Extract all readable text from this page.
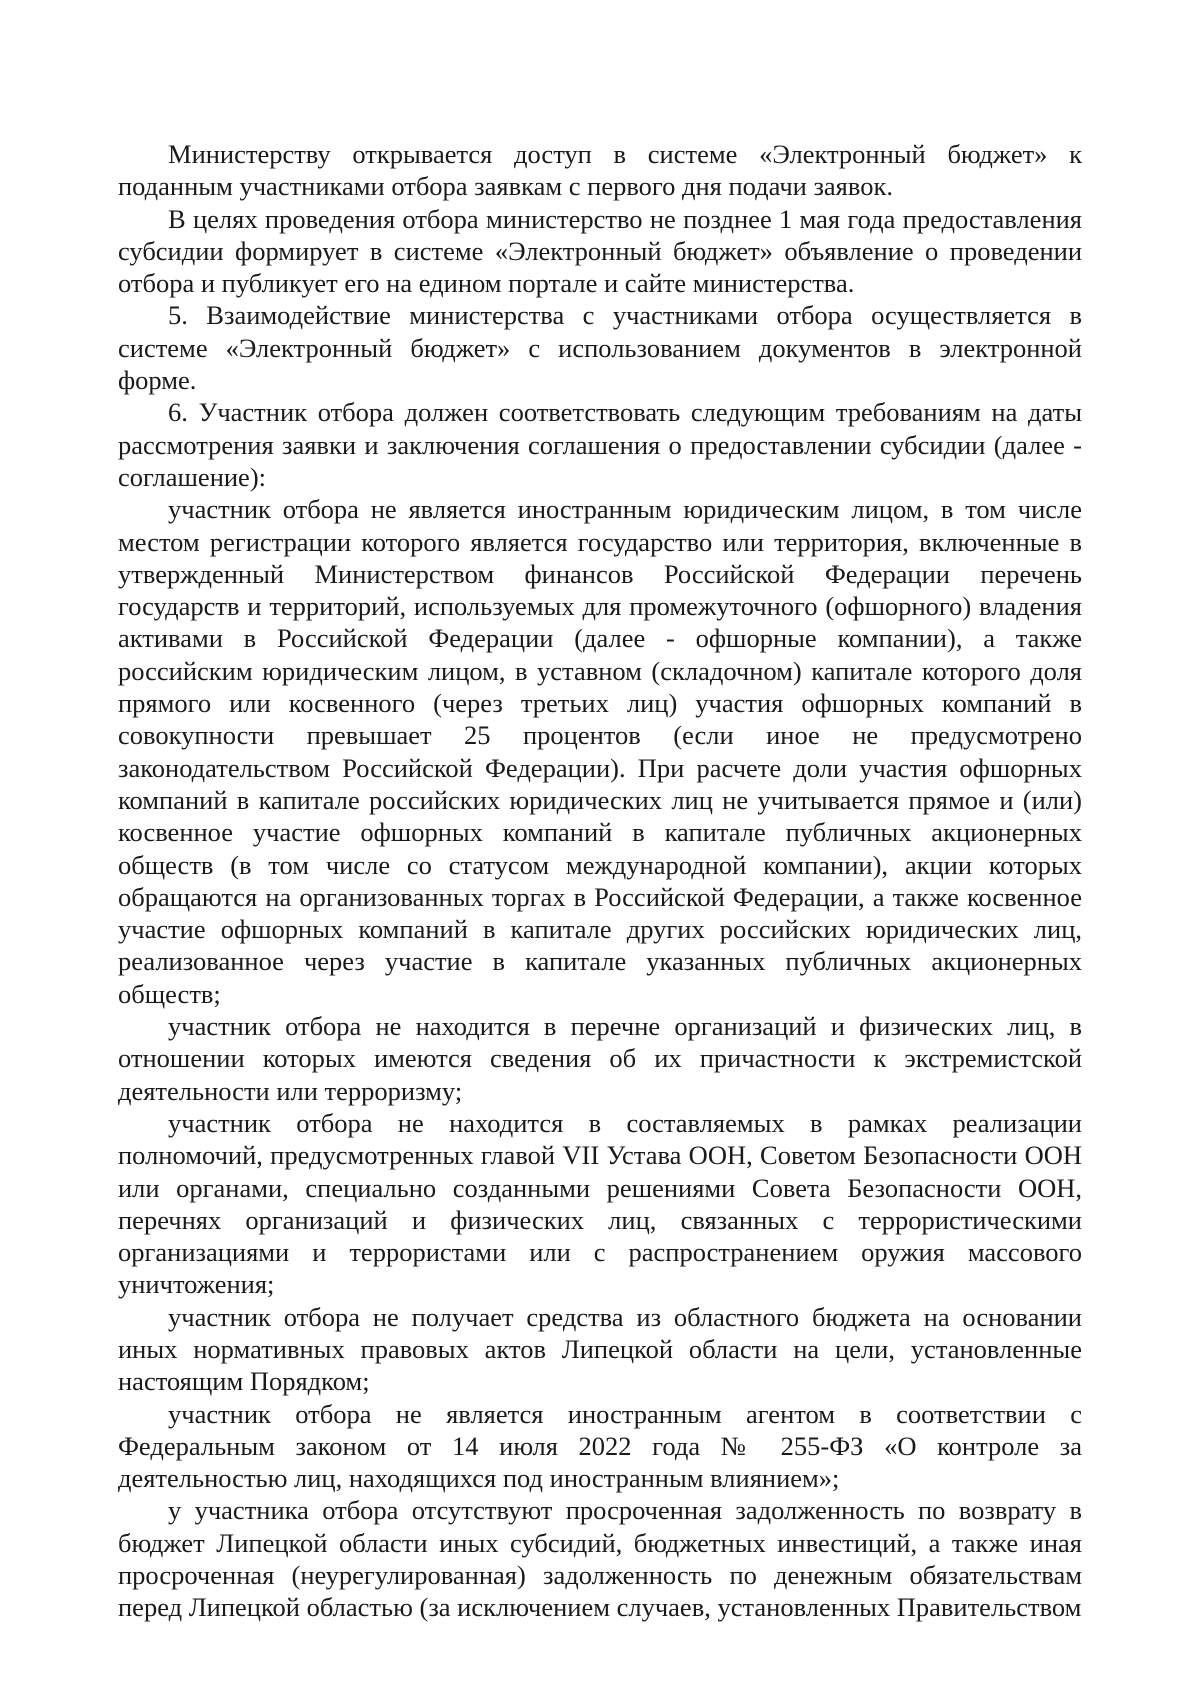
Министерству открывается доступ в системе «Электронный бюджет» к поданным участниками отбора заявкам с первого дня подачи заявок.

В целях проведения отбора министерство не позднее 1 мая года предоставления субсидии формирует в системе «Электронный бюджет» объявление о проведении отбора и публикует его на едином портале и сайте министерства.

5. Взаимодействие министерства с участниками отбора осуществляется в системе «Электронный бюджет» с использованием документов в электронной форме.

6. Участник отбора должен соответствовать следующим требованиям на даты рассмотрения заявки и заключения соглашения о предоставлении субсидии (далее - соглашение):

участник отбора не является иностранным юридическим лицом, в том числе местом регистрации которого является государство или территория, включенные в утвержденный Министерством финансов Российской Федерации перечень государств и территорий, используемых для промежуточного (офшорного) владения активами в Российской Федерации (далее - офшорные компании), а также российским юридическим лицом, в уставном (складочном) капитале которого доля прямого или косвенного (через третьих лиц) участия офшорных компаний в совокупности превышает 25 процентов (если иное не предусмотрено законодательством Российской Федерации). При расчете доли участия офшорных компаний в капитале российских юридических лиц не учитывается прямое и (или) косвенное участие офшорных компаний в капитале публичных акционерных обществ (в том числе со статусом международной компании), акции которых обращаются на организованных торгах в Российской Федерации, а также косвенное участие офшорных компаний в капитале других российских юридических лиц, реализованное через участие в капитале указанных публичных акционерных обществ;

участник отбора не находится в перечне организаций и физических лиц, в отношении которых имеются сведения об их причастности к экстремистской деятельности или терроризму;

участник отбора не находится в составляемых в рамках реализации полномочий, предусмотренных главой VII Устава ООН, Советом Безопасности ООН или органами, специально созданными решениями Совета Безопасности ООН, перечнях организаций и физических лиц, связанных с террористическими организациями и террористами или с распространением оружия массового уничтожения;

участник отбора не получает средства из областного бюджета на основании иных нормативных правовых актов Липецкой области на цели, установленные настоящим Порядком;

участник отбора не является иностранным агентом в соответствии с Федеральным законом от 14 июля 2022 года № 255-ФЗ «О контроле за деятельностью лиц, находящихся под иностранным влиянием»;

у участника отбора отсутствуют просроченная задолженность по возврату в бюджет Липецкой области иных субсидий, бюджетных инвестиций, а также иная просроченная (неурегулированная) задолженность по денежным обязательствам перед Липецкой областью (за исключением случаев, установленных Правительством
